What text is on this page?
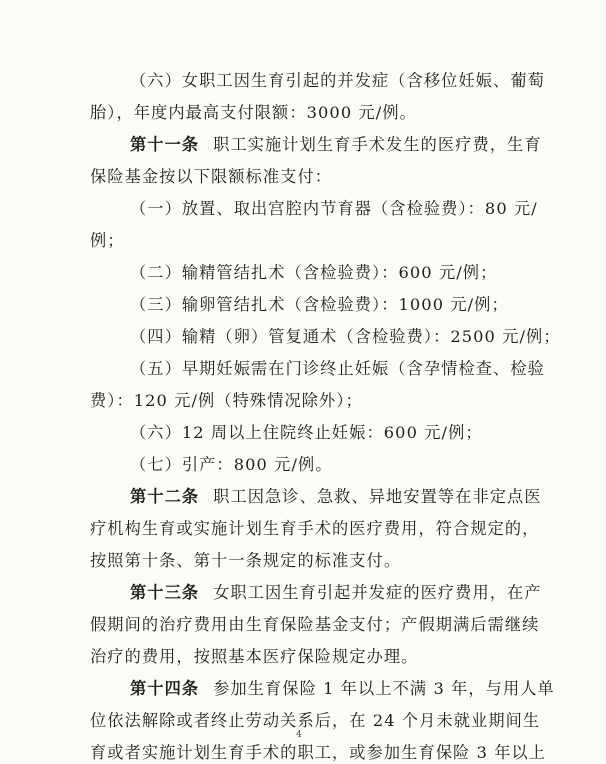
（六）女职工因生育引起的并发症（含移位妊娠、葡萄
胎），年度内最高支付限额：3000 元/例。
第十一条 职工实施计划生育手术发生的医疗费，生育
保险基金按以下限额标准支付：
（一）放置、取出宫腔内节育器（含检验费）：80 元/
例；
（二）输精管结扎术（含检验费）：600 元/例；
（三）输卵管结扎术（含检验费）：1000 元/例；
（四）输精（卵）管复通术（含检验费）：2500 元/例；
（五）早期妊娠需在门诊终止妊娠（含孕情检查、检验
费）：120 元/例（特殊情况除外）；
（六）12 周以上住院终止妊娠：600 元/例；
（七）引产：800 元/例。
第十二条 职工因急诊、急救、异地安置等在非定点医
疗机构生育或实施计划生育手术的医疗费用，符合规定的，
按照第十条、第十一条规定的标准支付。
第十三条 女职工因生育引起并发症的医疗费用，在产
假期间的治疗费用由生育保险基金支付；产假期满后需继续
治疗的费用，按照基本医疗保险规定办理。
第十四条 参加生育保险 1 年以上不满 3 年，与用人单
位依法解除或者终止劳动关系后，在 24 个月未就业期间生
育或者实施计划生育手术的职工，或参加生育保险 3 年以上
4
